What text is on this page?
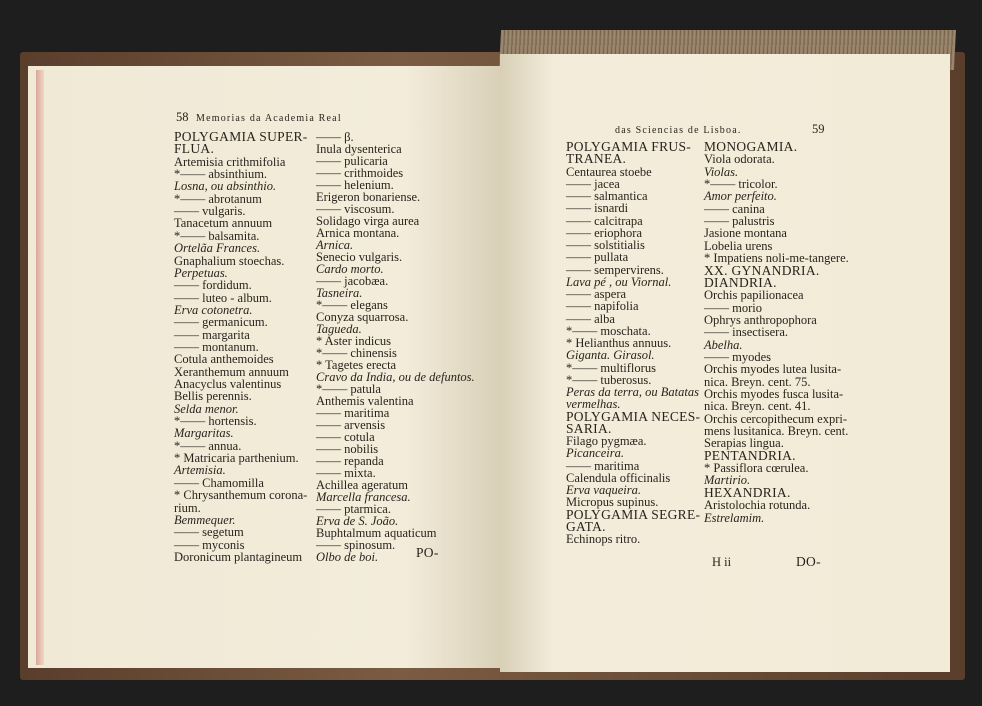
58 Memorias da Academia Real
59
das Sciencias de Lisboa.
POLYGAMIA SUPER-
FLUA.
Artemisia crithmifolia
*—— absinthium.
Losna, ou absinthio.
*—— abrotanum
—— vulgaris.
Tanacetum annuum
*—— balsamita.
Ortelãa Frances.
Gnaphalium stoechas.
Perpetuas.
—— fordidum.
—— luteo - album.
Erva cotonetra.
—— germanicum.
—— margarita
—— montanum.
Cotula anthemoides
Xeranthemum annuum
Anacyclus valentinus
Bellis perennis.
Selda menor.
*—— hortensis.
Margaritas.
*—— annua.
* Matricaria parthenium.
Artemisia.
—— Chamomilla
* Chrysanthemum corona-
rium.
Bemmequer.
—— segetum
—— myconis
Doronicum plantagineum
—— β.
Inula dysenterica
—— pulicaria
—— crithmoides
—— helenium.
Erigeron bonariense.
—— viscosum.
Solidago virga aurea
Arnica montana.
Arnica.
Senecio vulgaris.
Cardo morto.
—— jacobæa.
Tasneira.
*—— elegans
Conyza squarrosa.
Tagueda.
* Aster indicus
*—— chinensis
* Tagetes erecta
Cravo da India, ou de defuntos.
*—— patula
Anthemis valentina
—— maritima
—— arvensis
—— cotula
—— nobilis
—— repanda
—— mixta.
Achillea ageratum
Marcella francesa.
—— ptarmica.
Erva de S. João.
Buphtalmum aquaticum
—— spinosum.
Olbo de boi.
POLYGAMIA FRUS-
TRANEA.
Centaurea stoebe
—— jacea
—— salmantica
—— isnardi
—— calcitrapa
—— eriophora
—— solstitialis
—— pullata
—— sempervirens.
Lava pé , ou Viornal.
—— aspera
—— napifolia
—— alba
*—— moschata.
* Helianthus annuus.
Giganta. Girasol.
*—— multiflorus
*—— tuberosus.
Peras da terra, ou Batatas
vermelhas.
POLYGAMIA NECES-
SARIA.
Filago pygmæa.
Picanceira.
—— maritima
Calendula officinalis
Erva vaqueira.
Micropus supinus.
POLYGAMIA SEGRE-
GATA.
Echinops ritro.
MONOGAMIA.
Viola odorata.
Violas.
*—— tricolor.
Amor perfeito.
—— canina
—— palustris
Jasione montana
Lobelia urens
* Impatiens noli-me-tangere.
XX. GYNANDRIA.
DIANDRIA.
Orchis papilionacea
—— morio
Ophrys anthropophora
—— insectisera.
Abelha.
—— myodes
Orchis myodes lutea lusita-
nica. Breyn. cent. 75.
Orchis myodes fusca lusita-
nica. Breyn. cent. 41.
Orchis cercopithecum expri-
mens lusitanica. Breyn. cent.
Serapias lingua.
PENTANDRIA.
* Passiflora cœrulea.
Martirio.
HEXANDRIA.
Aristolochia rotunda.
Estrelamim.
PO-
H ii	DO-
